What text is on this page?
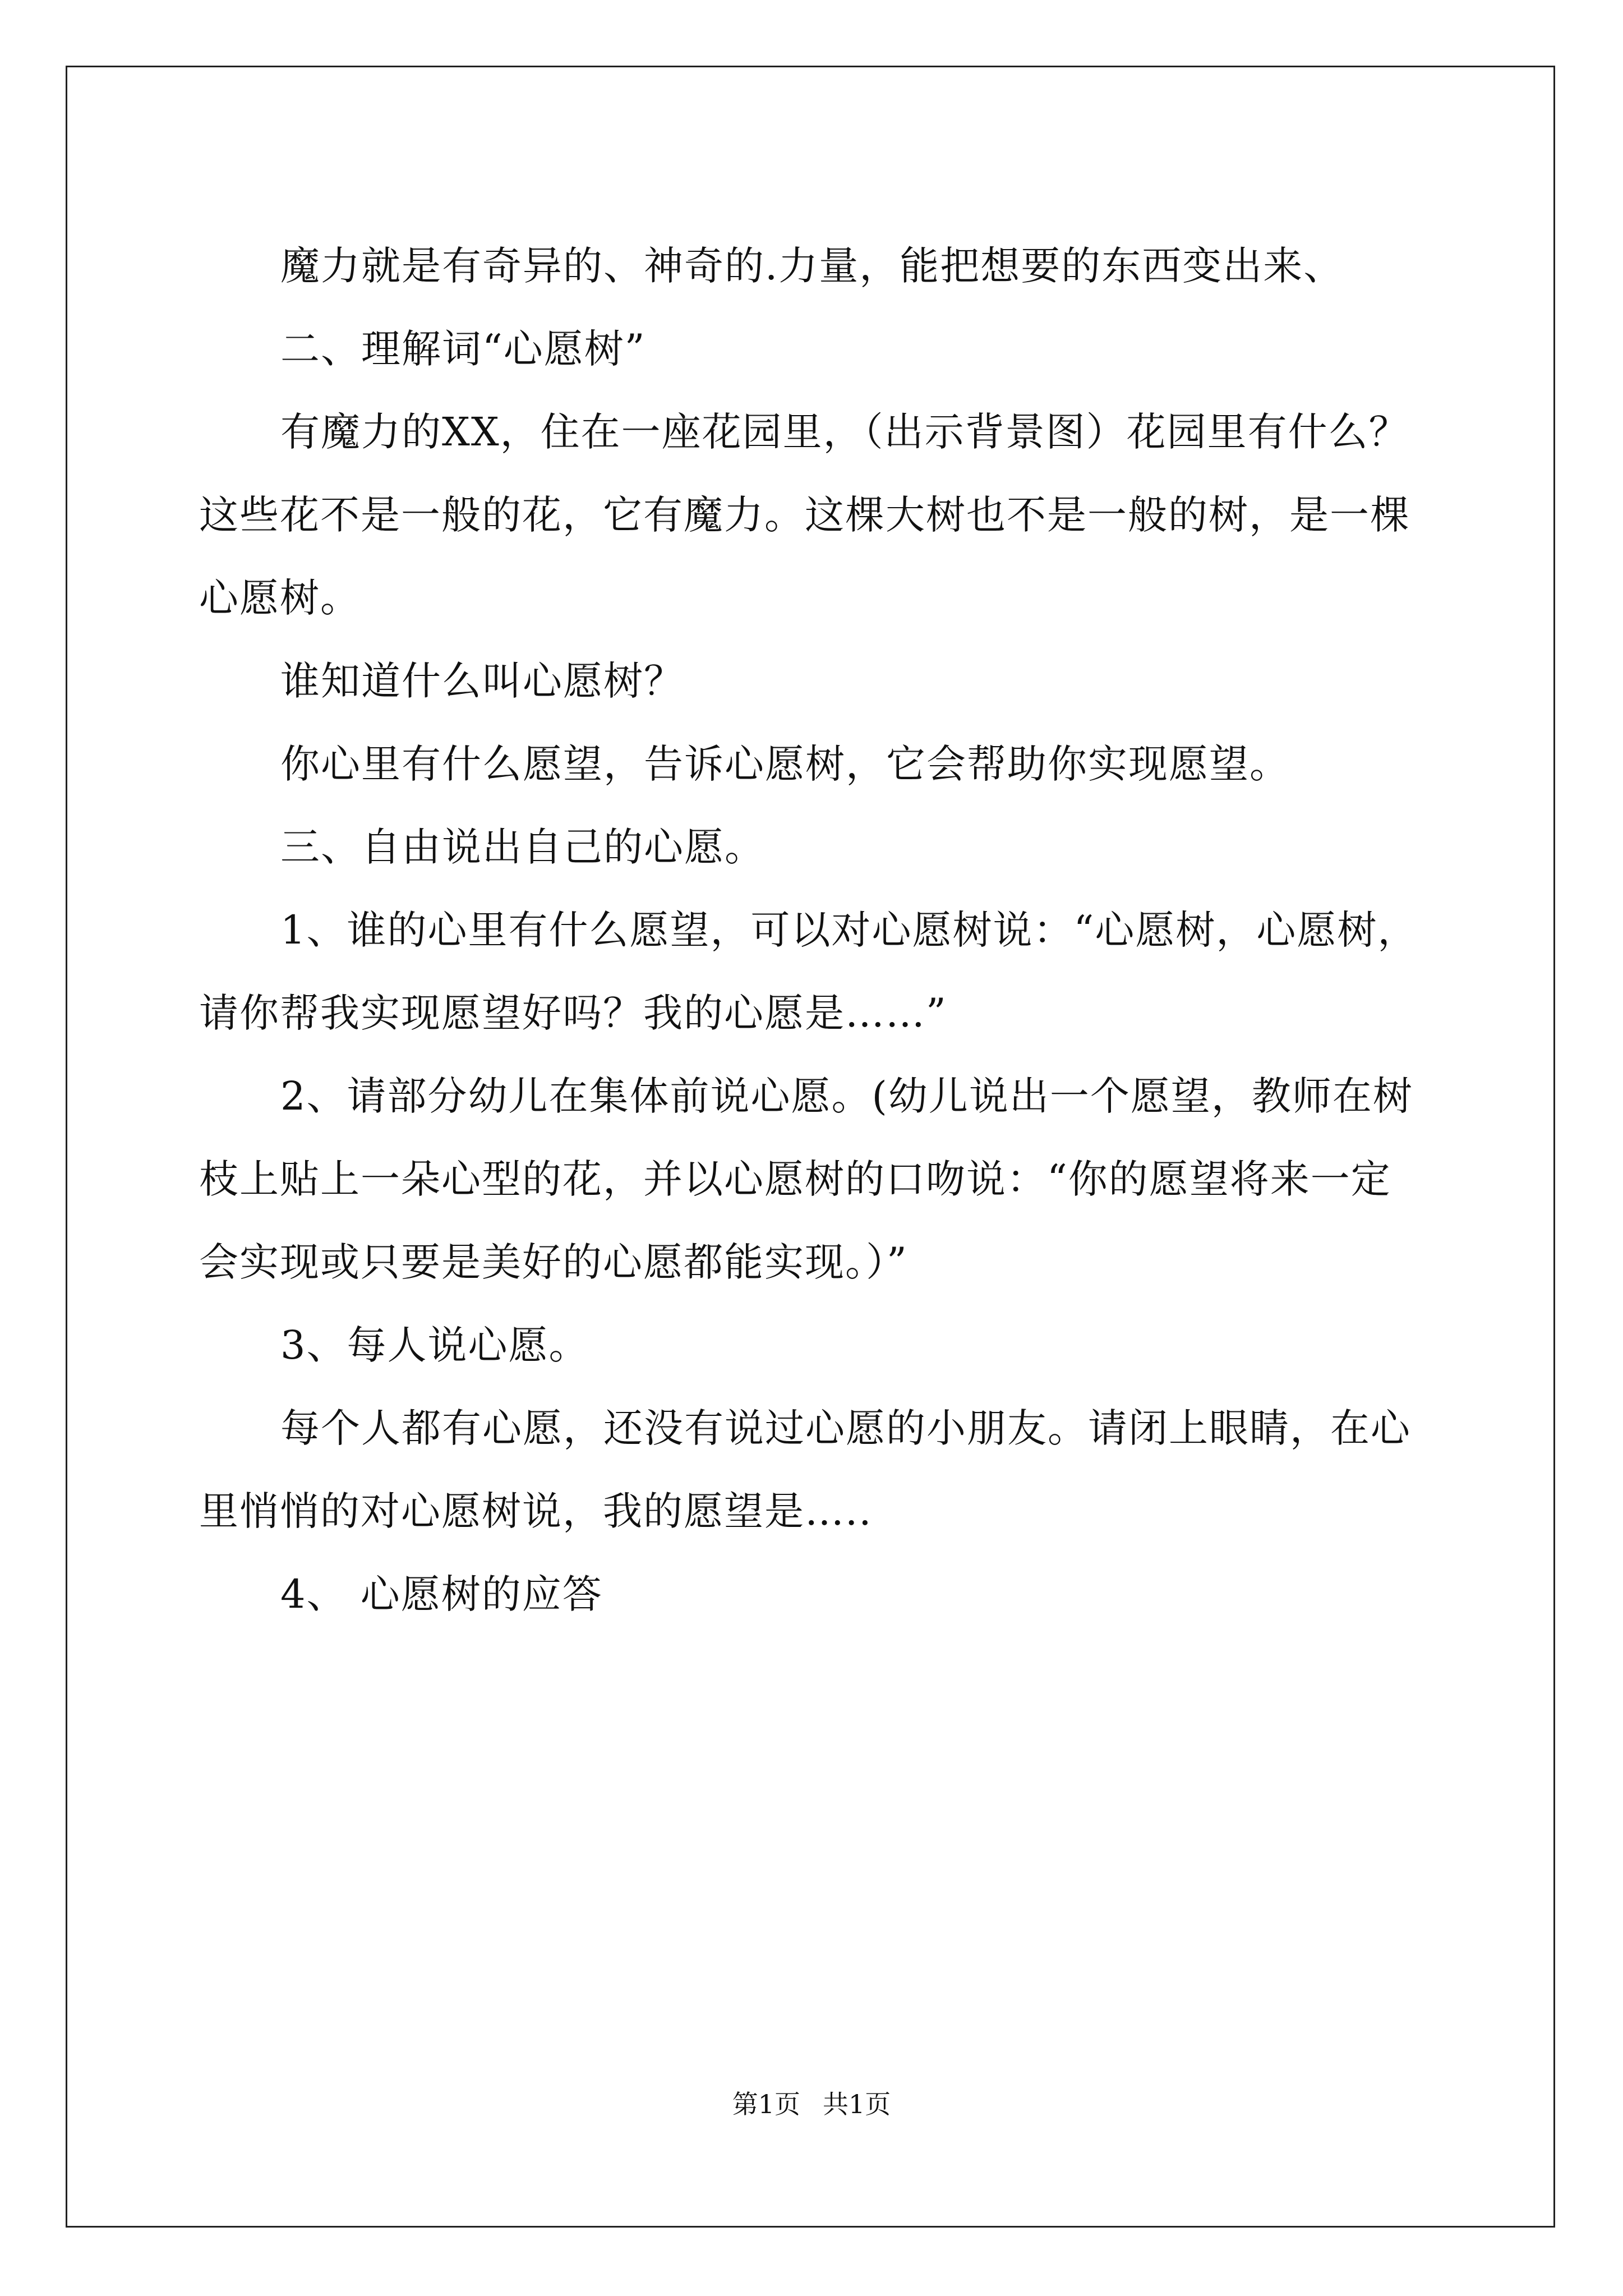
魔力就是有奇异的、神奇的.力量，能把想要的东西变出来、

二、理解词“心愿树”

有魔力的XX，住在一座花园里，（出示背景图）花园里有什么？

这些花不是一般的花，它有魔力。这棵大树也不是一般的树，是一棵

心愿树。

谁知道什么叫心愿树？

你心里有什么愿望，告诉心愿树，它会帮助你实现愿望。

三、自由说出自己的心愿。

1、谁的心里有什么愿望，可以对心愿树说：“心愿树，心愿树，

请你帮我实现愿望好吗？我的心愿是……”

2、请部分幼儿在集体前说心愿。(幼儿说出一个愿望，教师在树

枝上贴上一朵心型的花，并以心愿树的口吻说：“你的愿望将来一定

会实现或只要是美好的心愿都能实现。）”

3、每人说心愿。

每个人都有心愿，还没有说过心愿的小朋友。请闭上眼睛，在心

里悄悄的对心愿树说，我的愿望是…..

4、 心愿树的应答

第1页 共1页
